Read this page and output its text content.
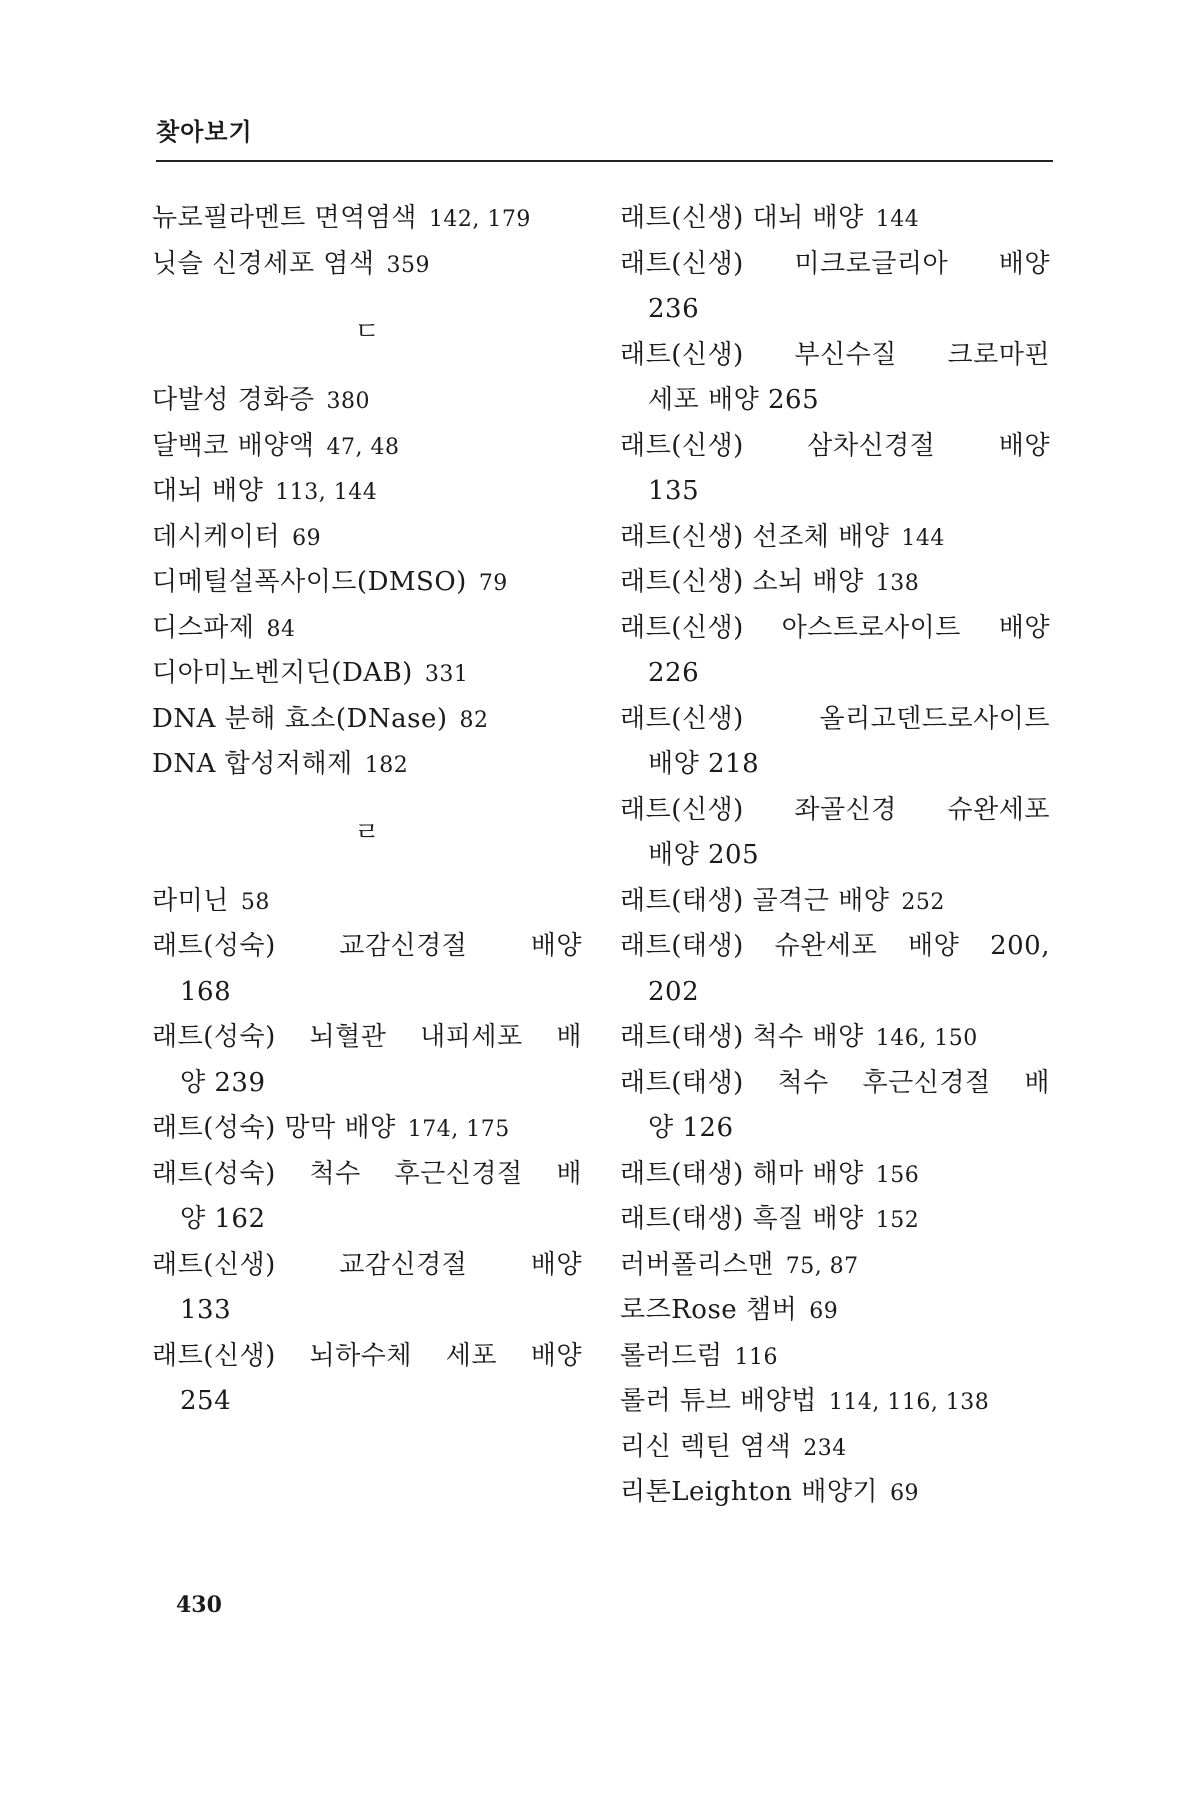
찾아보기
뉴로필라멘트 면역염색 142, 179
닛슬 신경세포 염색 359
ㄷ
다발성 경화증 380
달백코 배양액 47, 48
대뇌 배양 113, 144
데시케이터 69
디메틸설폭사이드(DMSO) 79
디스파제 84
디아미노벤지딘(DAB) 331
DNA 분해 효소(DNase) 82
DNA 합성저해제 182
ㄹ
라미닌 58
래트(성숙) 교감신경절 배양
168
래트(성숙) 뇌혈관 내피세포 배
양 239
래트(성숙) 망막 배양 174, 175
래트(성숙) 척수 후근신경절 배
양 162
래트(신생) 교감신경절 배양
133
래트(신생) 뇌하수체 세포 배양
254
래트(신생) 대뇌 배양 144
래트(신생) 미크로글리아 배양
236
래트(신생) 부신수질 크로마핀
세포 배양 265
래트(신생) 삼차신경절 배양
135
래트(신생) 선조체 배양 144
래트(신생) 소뇌 배양 138
래트(신생) 아스트로사이트 배양
226
래트(신생) 올리고덴드로사이트
배양 218
래트(신생) 좌골신경 슈완세포
배양 205
래트(태생) 골격근 배양 252
래트(태생) 슈완세포 배양 200,
202
래트(태생) 척수 배양 146, 150
래트(태생) 척수 후근신경절 배
양 126
래트(태생) 해마 배양 156
래트(태생) 흑질 배양 152
러버폴리스맨 75, 87
로즈Rose 챔버 69
롤러드럼 116
롤러 튜브 배양법 114, 116, 138
리신 렉틴 염색 234
리톤Leighton 배양기 69
430
